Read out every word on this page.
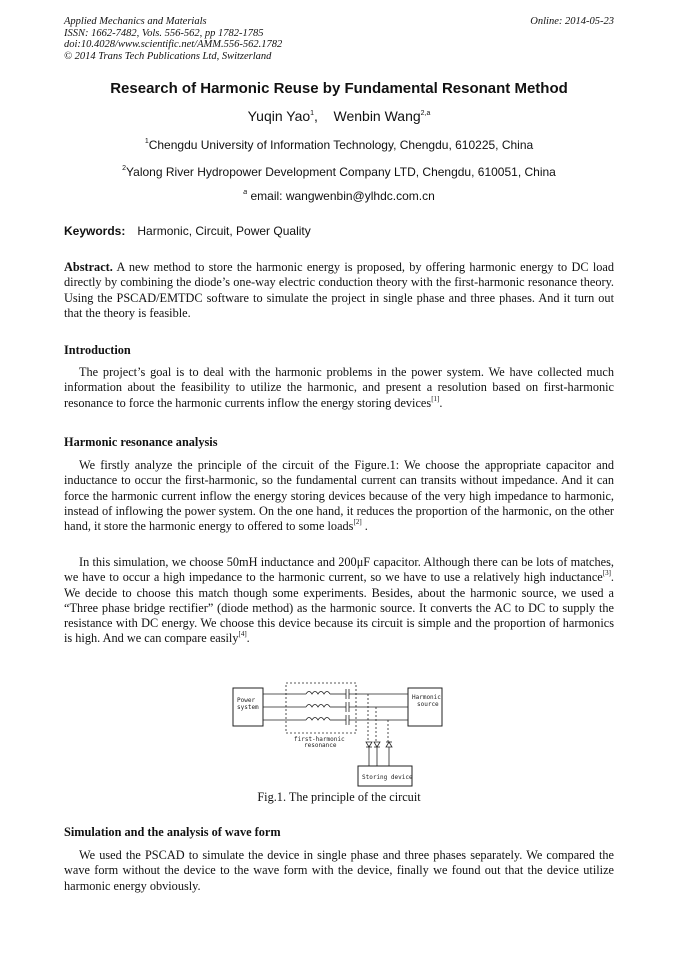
Applied Mechanics and Materials
ISSN: 1662-7482, Vols. 556-562, pp 1782-1785
doi:10.4028/www.scientific.net/AMM.556-562.1782
© 2014 Trans Tech Publications Ltd, Switzerland
Online: 2014-05-23
Research of Harmonic Reuse by Fundamental Resonant Method
Yuqin Yao$^1$,    Wenbin Wang$^{2,a}$
$^1$Chengdu University of Information Technology, Chengdu, 610225, China
$^2$Yalong River Hydropower Development Company LTD, Chengdu, 610051, China
$^a$ email: wangwenbin@ylhdc.com.cn
Keywords: Harmonic, Circuit, Power Quality
Abstract. A new method to store the harmonic energy is proposed, by offering harmonic energy to DC load directly by combining the diode’s one-way electric conduction theory with the first-harmonic resonance theory. Using the PSCAD/EMTDC software to simulate the project in single phase and three phases. And it turn out that the theory is feasible.
Introduction
The project’s goal is to deal with the harmonic problems in the power system. We have collected much information about the feasibility to utilize the harmonic, and present a resolution based on first-harmonic resonance to force the harmonic currents inflow the energy storing devices[1].
Harmonic resonance analysis
We firstly analyze the principle of the circuit of the Figure.1: We choose the appropriate capacitor and inductance to occur the first-harmonic, so the fundamental current can transits without impedance. And it can force the harmonic current inflow the energy storing devices because of the very high impedance to harmonic, instead of inflowing the power system. On the one hand, it reduces the proportion of the harmonic, on the other hand, it store the harmonic energy to offered to some loads[2] .
In this simulation, we choose 50mH inductance and 200μF capacitor. Although there can be lots of matches, we have to occur a high impedance to the harmonic current, so we have to use a relatively high inductance[3]. We decide to choose this match though some experiments. Besides, about the harmonic source, we used a “Three phase bridge rectifier” (diode method) as the harmonic source. It converts the AC to DC to supply the resistance with DC energy. We choose this device because its circuit is simple and the proportion of harmonics is high. And we can compare easily[4].
Power
system
Harmonic
source
first-harmonic
resonance
Storing device
Fig.1. The principle of the circuit
Simulation and the analysis of wave form
We used the PSCAD to simulate the device in single phase and three phases separately. We compared the wave form without the device to the wave form with the device, finally we found out that the device utilize harmonic energy obviously.
